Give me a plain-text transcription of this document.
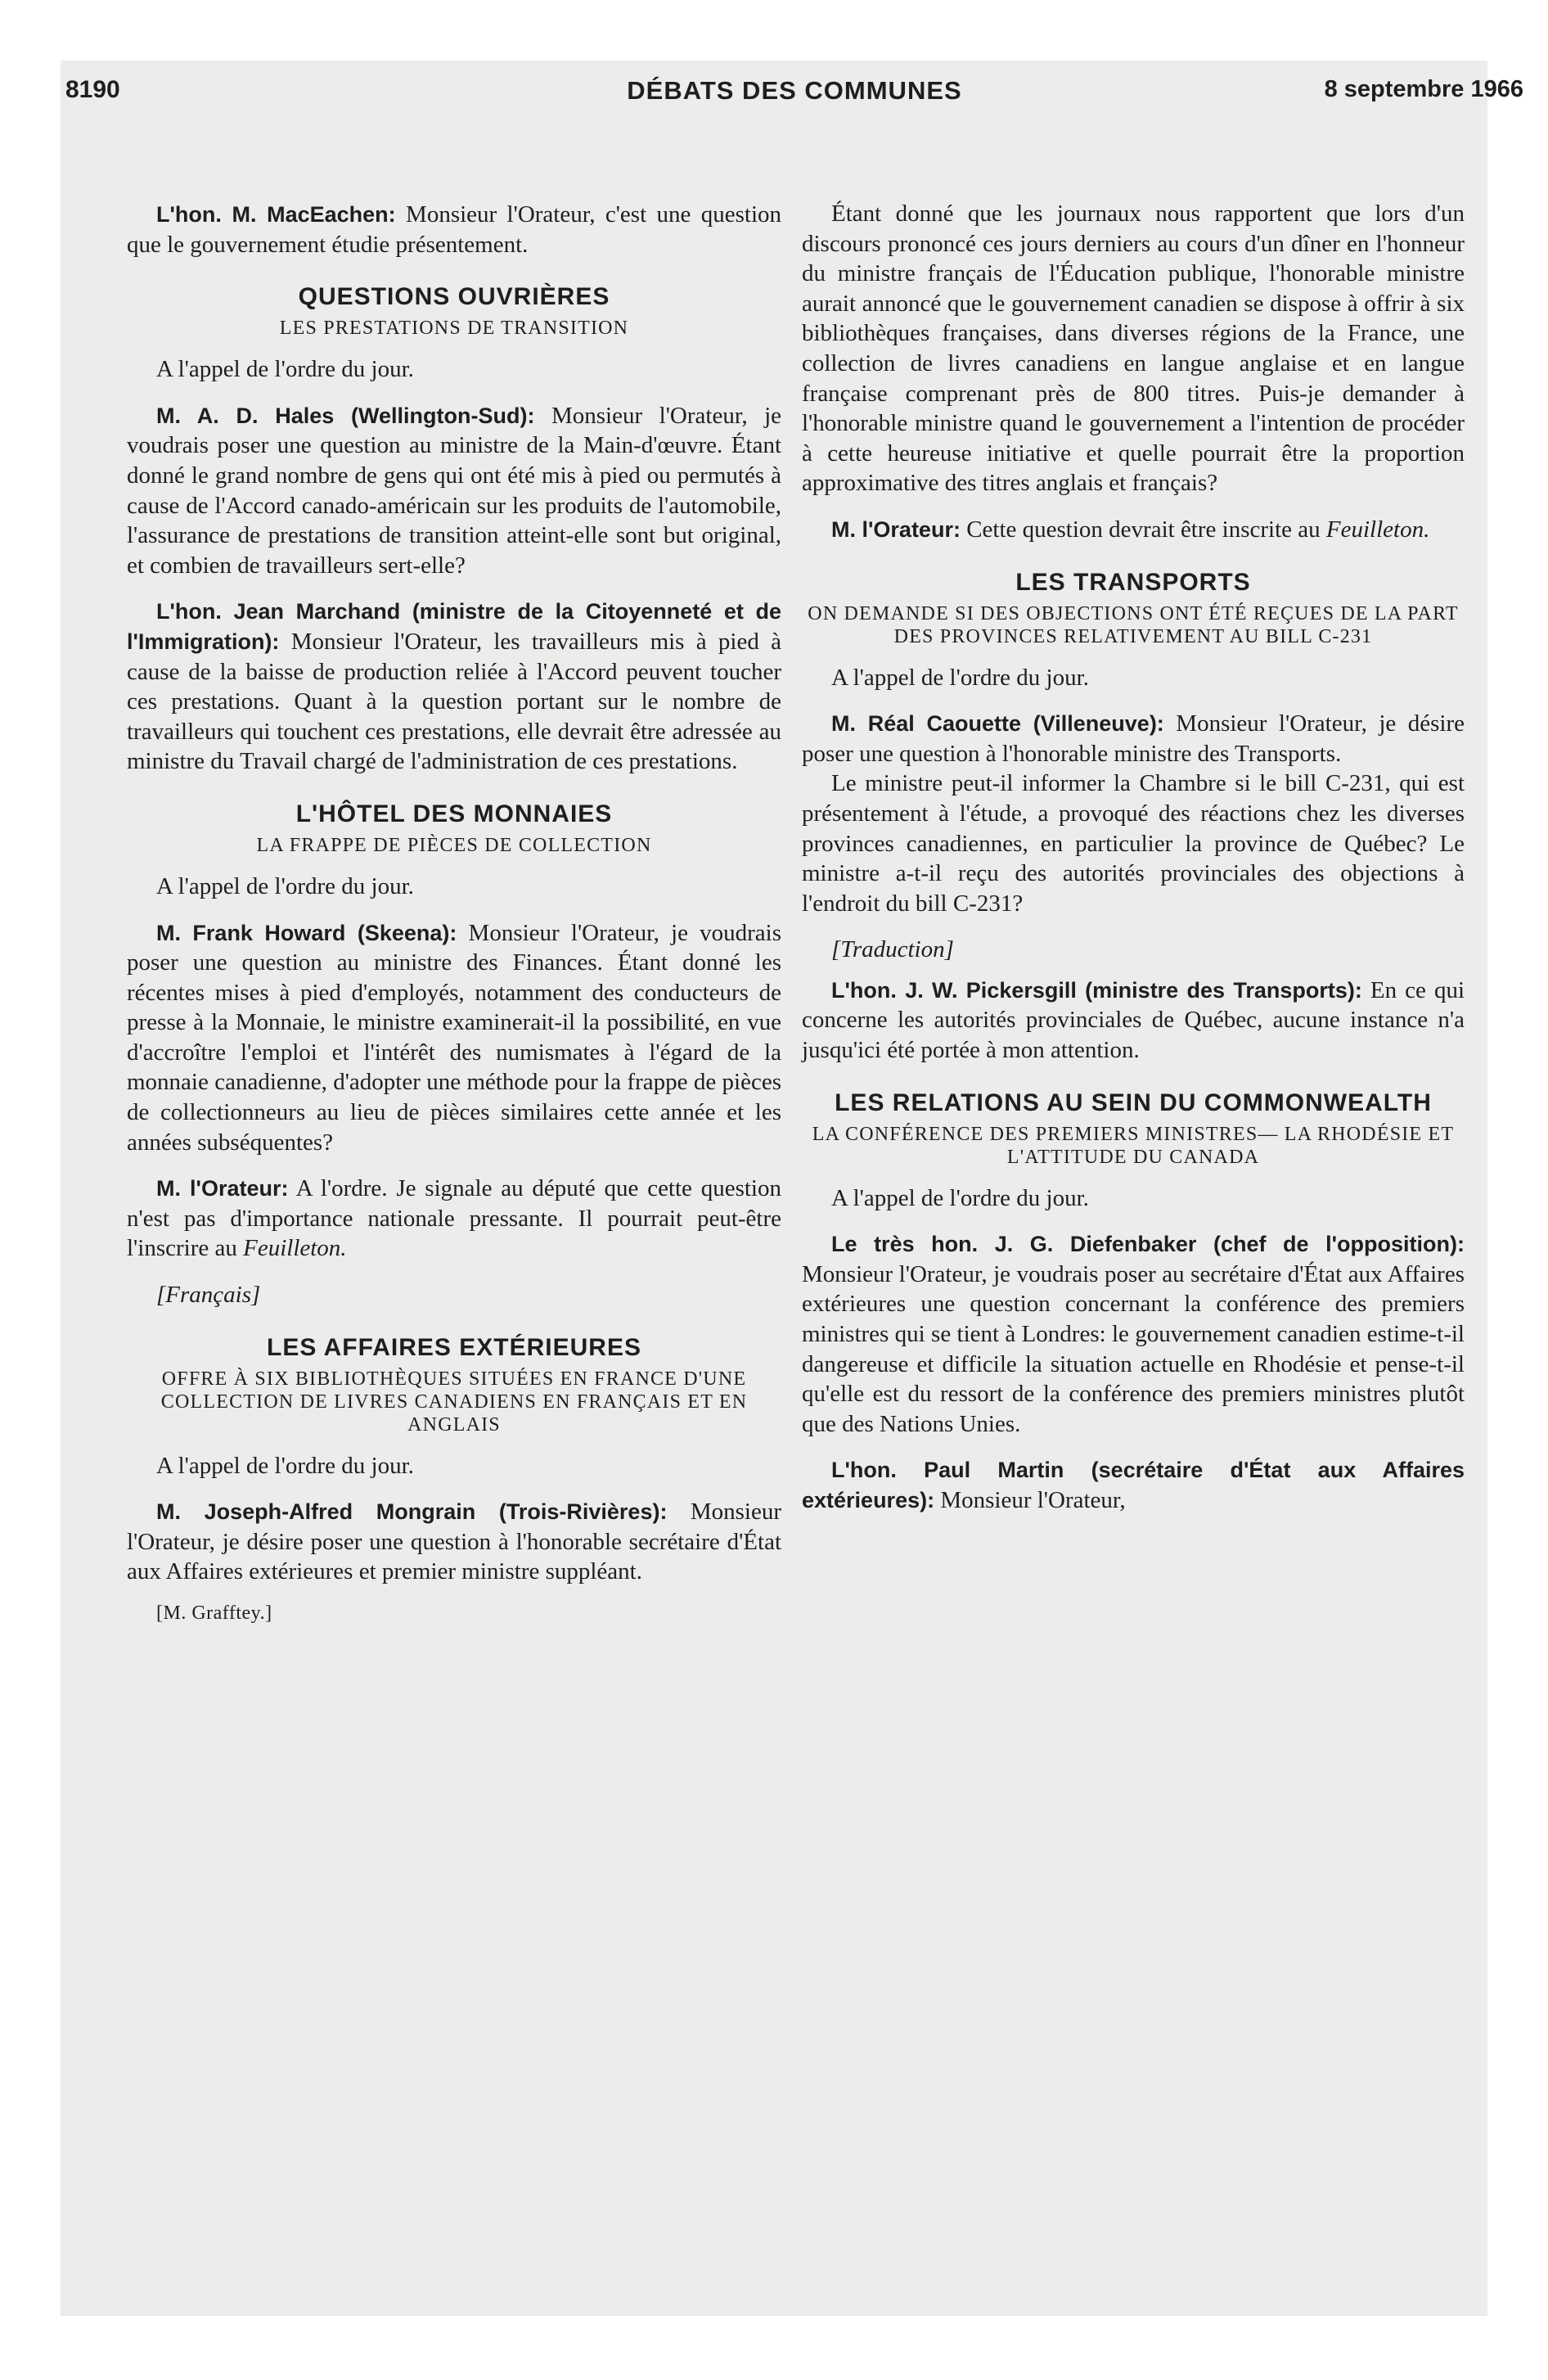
8190	DÉBATS DES COMMUNES	8 septembre 1966

L'hon. M. MacEachen: Monsieur l'Orateur, c'est une question que le gouvernement étudie présentement.

QUESTIONS OUVRIÈRES
LES PRESTATIONS DE TRANSITION

A l'appel de l'ordre du jour.

M. A. D. Hales (Wellington-Sud): Monsieur l'Orateur, je voudrais poser une question au ministre de la Main-d'œuvre. Étant donné le grand nombre de gens qui ont été mis à pied ou permutés à cause de l'Accord canado-américain sur les produits de l'automobile, l'assurance de prestations de transition atteint-elle sont but original, et combien de travailleurs sert-elle?

L'hon. Jean Marchand (ministre de la Citoyenneté et de l'Immigration): Monsieur l'Orateur, les travailleurs mis à pied à cause de la baisse de production reliée à l'Accord peuvent toucher ces prestations. Quant à la question portant sur le nombre de travailleurs qui touchent ces prestations, elle devrait être adressée au ministre du Travail chargé de l'administration de ces prestations.

L'HÔTEL DES MONNAIES
LA FRAPPE DE PIÈCES DE COLLECTION

A l'appel de l'ordre du jour.

M. Frank Howard (Skeena): Monsieur l'Orateur, je voudrais poser une question au ministre des Finances. Étant donné les récentes mises à pied d'employés, notamment des conducteurs de presse à la Monnaie, le ministre examinerait-il la possibilité, en vue d'accroître l'emploi et l'intérêt des numismates à l'égard de la monnaie canadienne, d'adopter une méthode pour la frappe de pièces de collectionneurs au lieu de pièces similaires cette année et les années subséquentes?

M. l'Orateur: A l'ordre. Je signale au député que cette question n'est pas d'importance nationale pressante. Il pourrait peut-être l'inscrire au Feuilleton.

[Français]

LES AFFAIRES EXTÉRIEURES
OFFRE À SIX BIBLIOTHÈQUES SITUÉES EN FRANCE D'UNE COLLECTION DE LIVRES CANADIENS EN FRANÇAIS ET EN ANGLAIS

A l'appel de l'ordre du jour.

M. Joseph-Alfred Mongrain (Trois-Rivières): Monsieur l'Orateur, je désire poser une question à l'honorable secrétaire d'État aux Affaires extérieures et premier ministre suppléant.

[M. Grafftey.]

Étant donné que les journaux nous rapportent que lors d'un discours prononcé ces jours derniers au cours d'un dîner en l'honneur du ministre français de l'Éducation publique, l'honorable ministre aurait annoncé que le gouvernement canadien se dispose à offrir à six bibliothèques françaises, dans diverses régions de la France, une collection de livres canadiens en langue anglaise et en langue française comprenant près de 800 titres. Puis-je demander à l'honorable ministre quand le gouvernement a l'intention de procéder à cette heureuse initiative et quelle pourrait être la proportion approximative des titres anglais et français?

M. l'Orateur: Cette question devrait être inscrite au Feuilleton.

LES TRANSPORTS
ON DEMANDE SI DES OBJECTIONS ONT ÉTÉ REÇUES DE LA PART DES PROVINCES RELATIVEMENT AU BILL C-231

A l'appel de l'ordre du jour.

M. Réal Caouette (Villeneuve): Monsieur l'Orateur, je désire poser une question à l'honorable ministre des Transports.

Le ministre peut-il informer la Chambre si le bill C-231, qui est présentement à l'étude, a provoqué des réactions chez les diverses provinces canadiennes, en particulier la province de Québec? Le ministre a-t-il reçu des autorités provinciales des objections à l'endroit du bill C-231?

[Traduction]

L'hon. J. W. Pickersgill (ministre des Transports): En ce qui concerne les autorités provinciales de Québec, aucune instance n'a jusqu'ici été portée à mon attention.

LES RELATIONS AU SEIN DU COMMONWEALTH
LA CONFÉRENCE DES PREMIERS MINISTRES— LA RHODÉSIE ET L'ATTITUDE DU CANADA

A l'appel de l'ordre du jour.

Le très hon. J. G. Diefenbaker (chef de l'opposition): Monsieur l'Orateur, je voudrais poser au secrétaire d'État aux Affaires extérieures une question concernant la conférence des premiers ministres qui se tient à Londres: le gouvernement canadien estime-t-il dangereuse et difficile la situation actuelle en Rhodésie et pense-t-il qu'elle est du ressort de la conférence des premiers ministres plutôt que des Nations Unies.

L'hon. Paul Martin (secrétaire d'État aux Affaires extérieures): Monsieur l'Orateur,
